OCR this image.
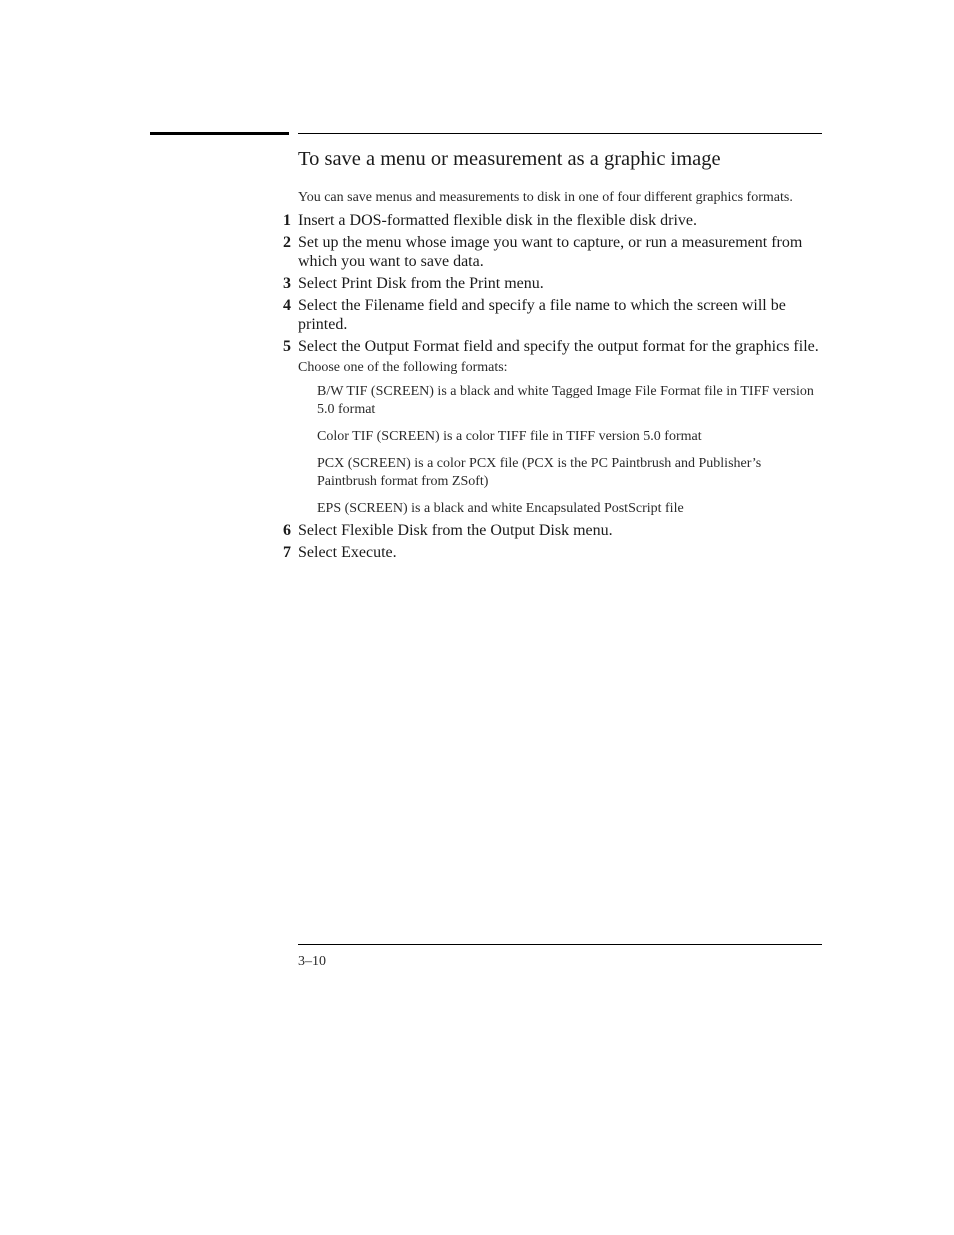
To save a menu or measurement as a graphic image

You can save menus and measurements to disk in one of four different graphics formats.

1 Insert a DOS-formatted flexible disk in the flexible disk drive.
2 Set up the menu whose image you want to capture, or run a measurement from which you want to save data.
3 Select Print Disk from the Print menu.
4 Select the Filename field and specify a file name to which the screen will be printed.
5 Select the Output Format field and specify the output format for the graphics file.
Choose one of the following formats:
B/W TIF (SCREEN) is a black and white Tagged Image File Format file in TIFF version 5.0 format
Color TIF (SCREEN) is a color TIFF file in TIFF version 5.0 format
PCX (SCREEN) is a color PCX file (PCX is the PC Paintbrush and Publisher’s Paintbrush format from ZSoft)
EPS (SCREEN) is a black and white Encapsulated PostScript file
6 Select Flexible Disk from the Output Disk menu.
7 Select Execute.
3–10
